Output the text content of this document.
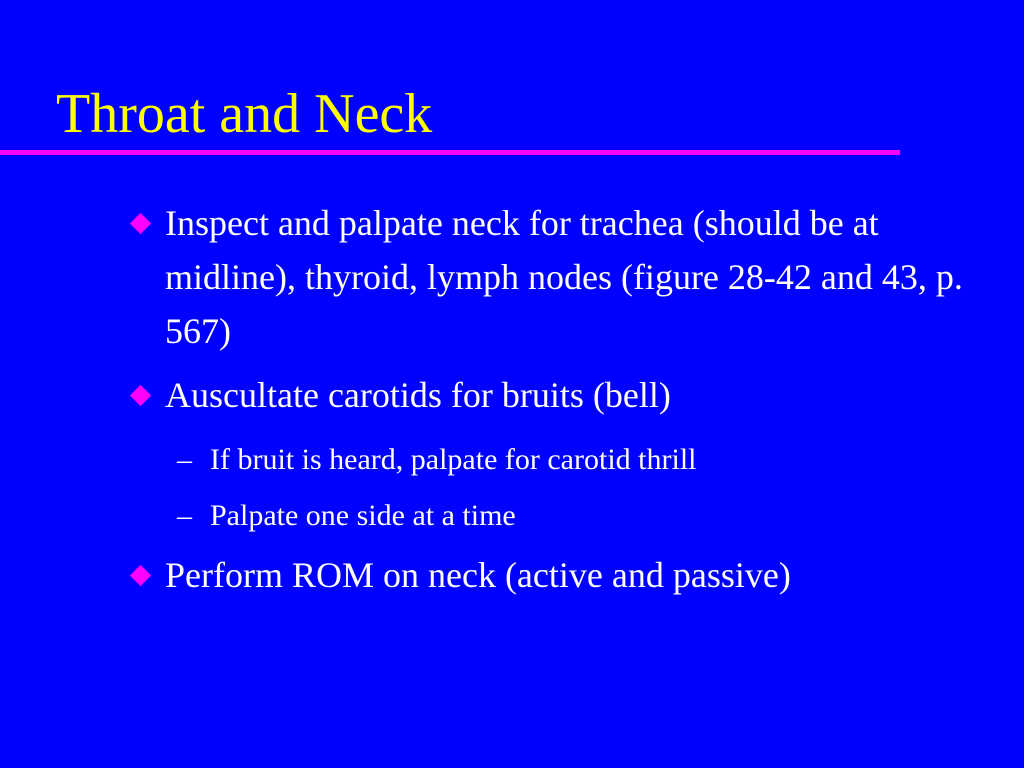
Throat and Neck
Inspect and palpate neck for trachea (should be at midline), thyroid, lymph nodes (figure 28-42 and 43, p. 567)
Auscultate carotids for bruits (bell)
– If bruit is heard, palpate for carotid thrill
– Palpate one side at a time
Perform ROM on neck (active and passive)
